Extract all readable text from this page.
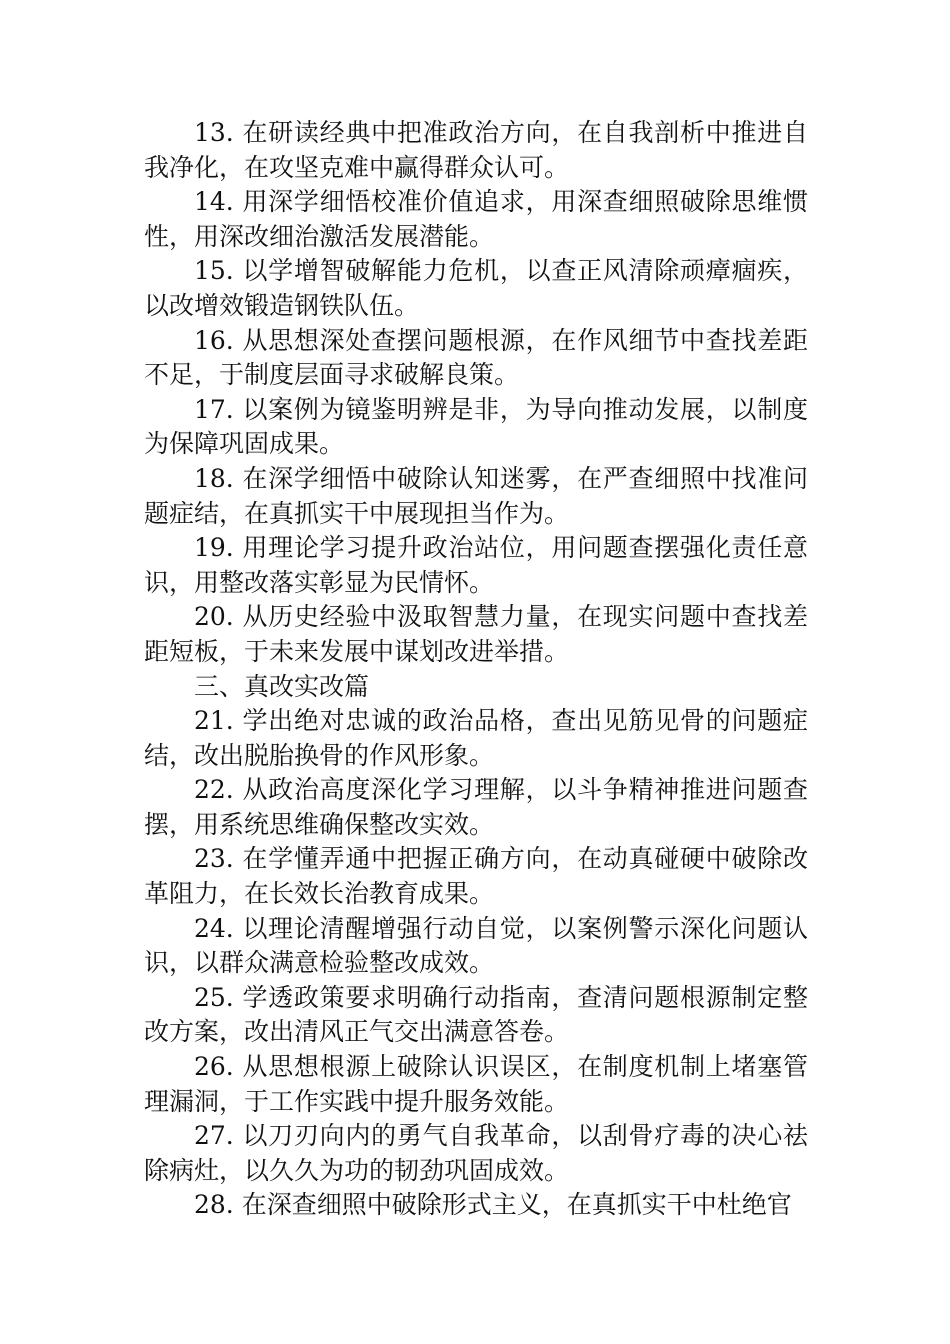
13. 在研读经典中把准政治方向，在自我剖析中推进自我净化，在攻坚克难中赢得群众认可。

14. 用深学细悟校准价值追求，用深查细照破除思维惯性，用深改细治激活发展潜能。

15. 以学增智破解能力危机，以查正风清除顽瘴痼疾，以改增效锻造钢铁队伍。

16. 从思想深处查摆问题根源，在作风细节中查找差距不足，于制度层面寻求破解良策。

17. 以案例为镜鉴明辨是非，为导向推动发展，以制度为保障巩固成果。

18. 在深学细悟中破除认知迷雾，在严查细照中找准问题症结，在真抓实干中展现担当作为。

19. 用理论学习提升政治站位，用问题查摆强化责任意识，用整改落实彰显为民情怀。

20. 从历史经验中汲取智慧力量，在现实问题中查找差距短板，于未来发展中谋划改进举措。

三、真改实改篇

21. 学出绝对忠诚的政治品格，查出见筋见骨的问题症结，改出脱胎换骨的作风形象。

22. 从政治高度深化学习理解，以斗争精神推进问题查摆，用系统思维确保整改实效。

23. 在学懂弄通中把握正确方向，在动真碰硬中破除改革阻力，在长效长治教育成果。

24. 以理论清醒增强行动自觉，以案例警示深化问题认识，以群众满意检验整改成效。

25. 学透政策要求明确行动指南，查清问题根源制定整改方案，改出清风正气交出满意答卷。

26. 从思想根源上破除认识误区，在制度机制上堵塞管理漏洞，于工作实践中提升服务效能。

27. 以刀刃向内的勇气自我革命，以刮骨疗毒的决心祛除病灶，以久久为功的韧劲巩固成效。

28. 在深查细照中破除形式主义，在真抓实干中杜绝官
